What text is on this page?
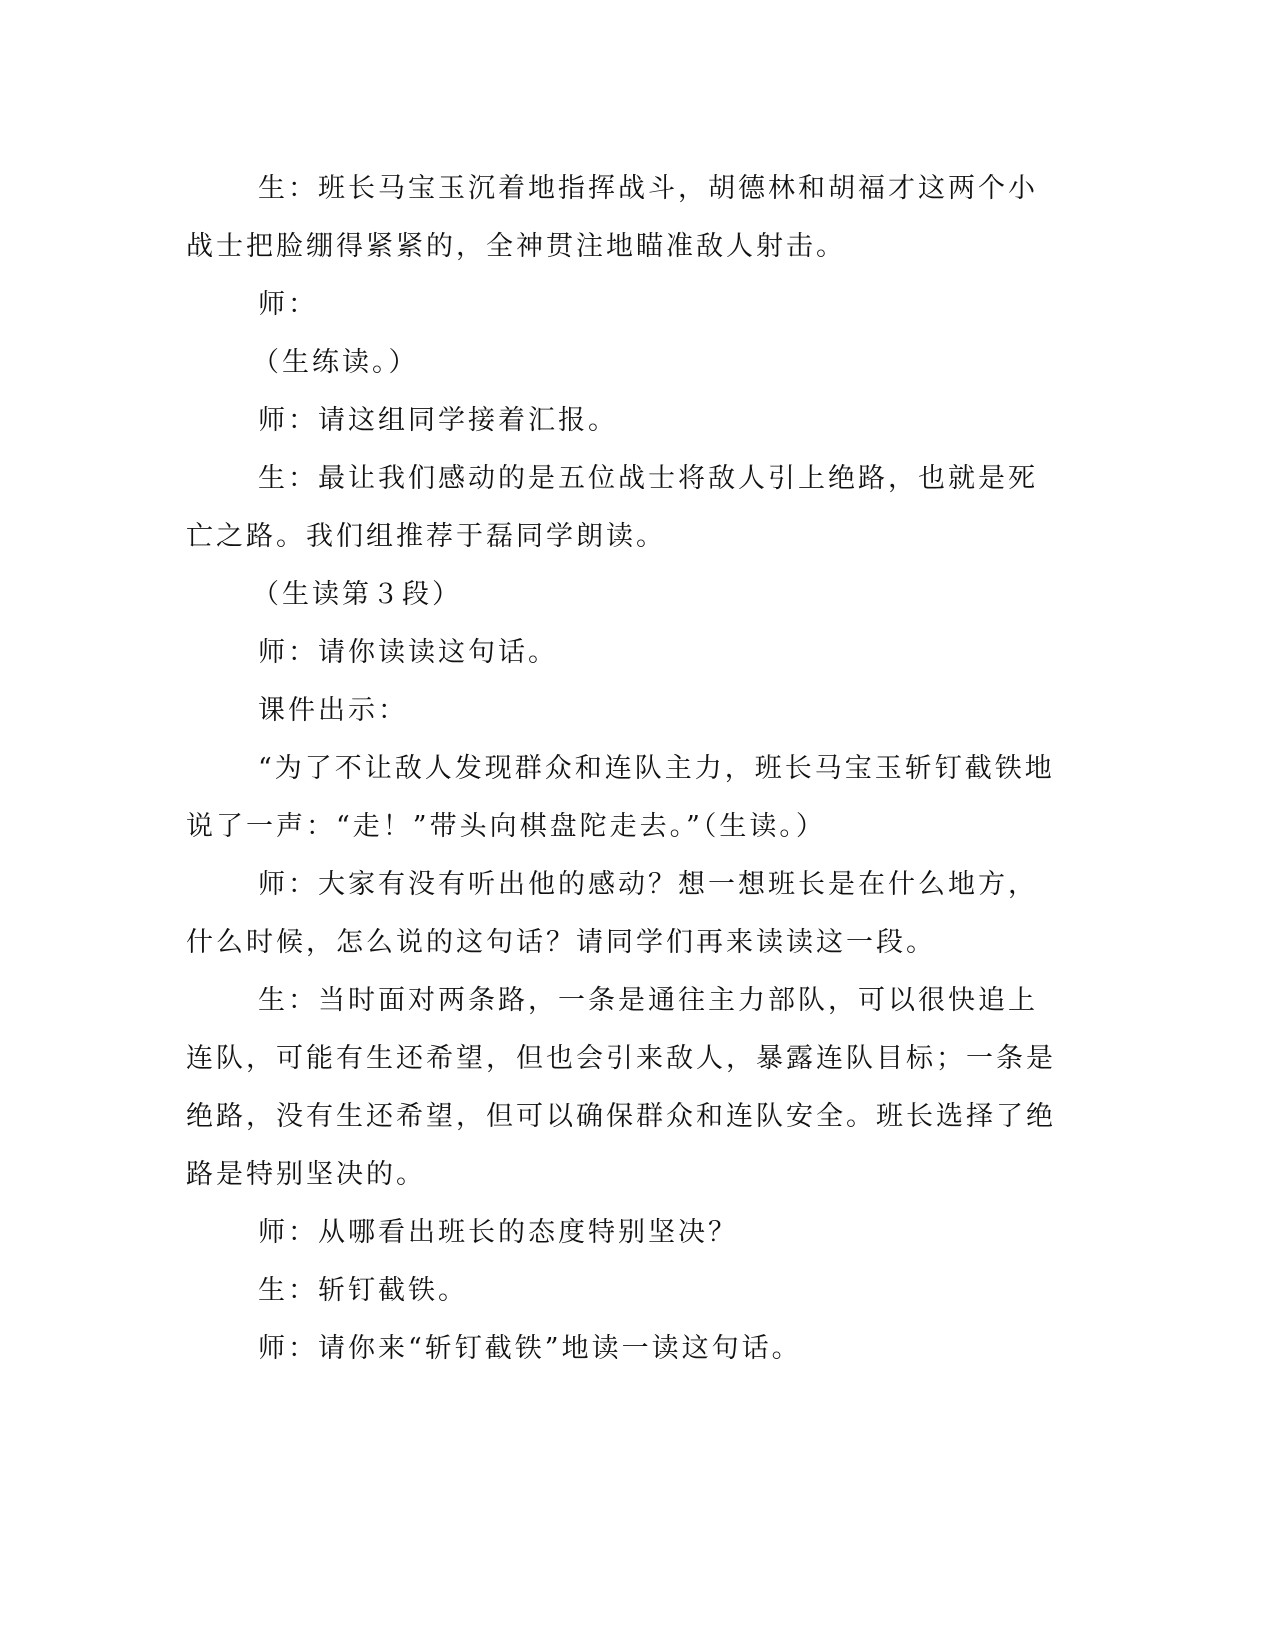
生：班长马宝玉沉着地指挥战斗，胡德林和胡福才这两个小战士把脸绷得紧紧的，全神贯注地瞄准敌人射击。

师：

（生练读。）

师：请这组同学接着汇报。

生：最让我们感动的是五位战士将敌人引上绝路，也就是死亡之路。我们组推荐于磊同学朗读。

（生读第３段）

师：请你读读这句话。

课件出示：

“为了不让敌人发现群众和连队主力，班长马宝玉斩钉截铁地说了一声：“走！”带头向棋盘陀走去。”（生读。）

师：大家有没有听出他的感动？想一想班长是在什么地方，什么时候，怎么说的这句话？请同学们再来读读这一段。

生：当时面对两条路，一条是通往主力部队，可以很快追上连队，可能有生还希望，但也会引来敌人，暴露连队目标；一条是绝路，没有生还希望，但可以确保群众和连队安全。班长选择了绝路是特别坚决的。

师：从哪看出班长的态度特别坚决？

生：斩钉截铁。

师：请你来“斩钉截铁”地读一读这句话。
